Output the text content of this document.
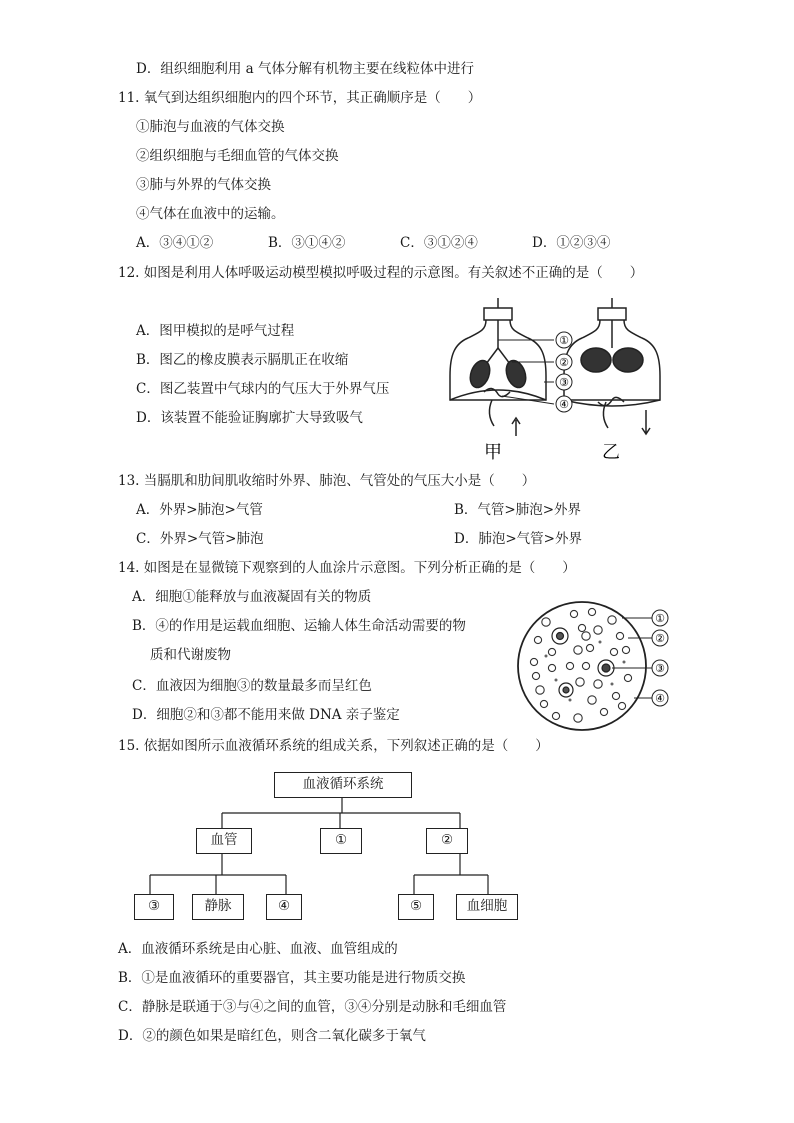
D．组织细胞利用 a 气体分解有机物主要在线粒体中进行
11. 氧气到达组织细胞内的四个环节，其正确顺序是（　　）
①肺泡与血液的气体交换
②组织细胞与毛细血管的气体交换
③肺与外界的气体交换
④气体在血液中的运输。
A．③④①②	B．③①④②	C．③①②④	D．①②③④
12. 如图是利用人体呼吸运动模型模拟呼吸过程的示意图。有关叙述不正确的是（　　）
A．图甲模拟的是呼气过程
B．图乙的橡皮膜表示膈肌正在收缩
C．图乙装置中气球内的气压大于外界气压
D．该装置不能验证胸廓扩大导致吸气
①
②
③
④
甲	乙
13. 当膈肌和肋间肌收缩时外界、肺泡、气管处的气压大小是（　　）
A．外界>肺泡>气管	B．气管>肺泡>外界
C．外界>气管>肺泡	D．肺泡>气管>外界
14. 如图是在显微镜下观察到的人血涂片示意图。下列分析正确的是（　　）
A．细胞①能释放与血液凝固有关的物质
B．④的作用是运载血细胞、运输人体生命活动需要的物
质和代谢废物
C．血液因为细胞③的数量最多而呈红色
D．细胞②和③都不能用来做 DNA 亲子鉴定
①
②
③
④
15. 依据如图所示血液循环系统的组成关系，下列叙述正确的是（　　）
血液循环系统
血管	①	②
③	静脉	④	⑤	血细胞
A．血液循环系统是由心脏、血液、血管组成的
B．①是血液循环的重要器官，其主要功能是进行物质交换
C．静脉是联通于③与④之间的血管，③④分别是动脉和毛细血管
D．②的颜色如果是暗红色，则含二氧化碳多于氧气
